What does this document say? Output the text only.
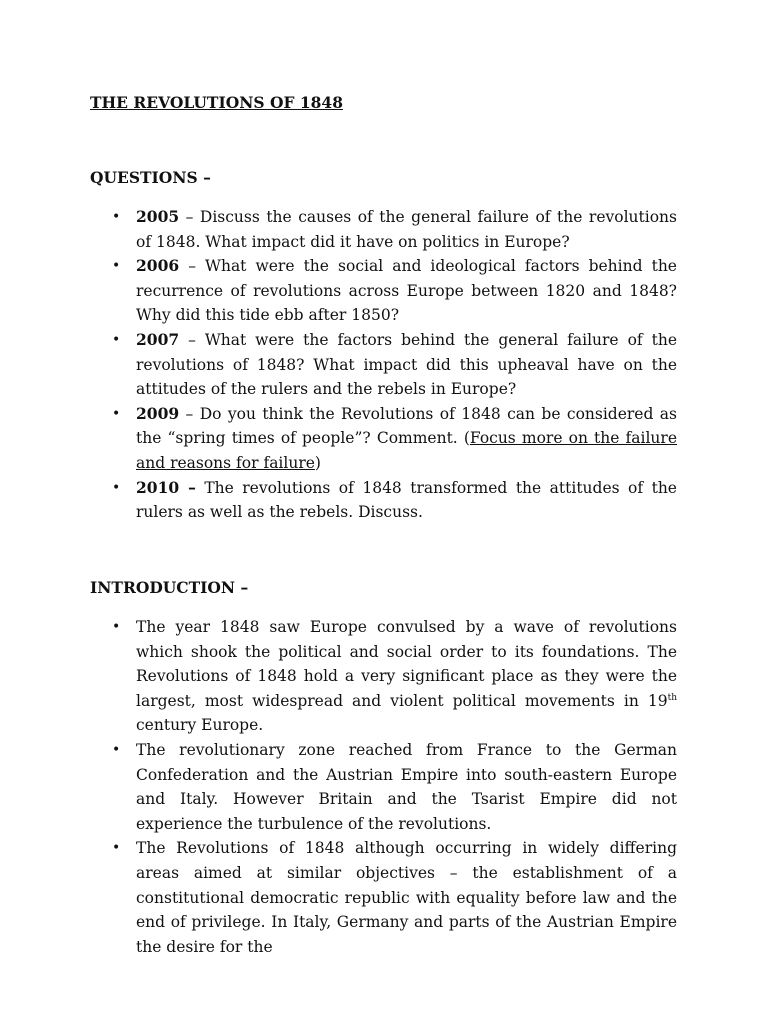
THE REVOLUTIONS OF 1848
QUESTIONS –
•	2005 – Discuss the causes of the general failure of the revolutions of 1848. What impact did it have on politics in Europe?
•	2006 – What were the social and ideological factors behind the recurrence of revolutions across Europe between 1820 and 1848? Why did this tide ebb after 1850?
•	2007 – What were the factors behind the general failure of the revolutions of 1848? What impact did this upheaval have on the attitudes of the rulers and the rebels in Europe?
•	2009 – Do you think the Revolutions of 1848 can be considered as the “spring times of people”? Comment. (Focus more on the failure and reasons for failure)
•	2010 – The revolutions of 1848 transformed the attitudes of the rulers as well as the rebels. Discuss.
INTRODUCTION –
•	The year 1848 saw Europe convulsed by a wave of revolutions which shook the political and social order to its foundations. The Revolutions of 1848 hold a very significant place as they were the largest, most widespread and violent political movements in 19th century Europe.
•	The revolutionary zone reached from France to the German Confederation and the Austrian Empire into south-eastern Europe and Italy. However Britain and the Tsarist Empire did not experience the turbulence of the revolutions.
•	The Revolutions of 1848 although occurring in widely differing areas aimed at similar objectives – the establishment of a constitutional democratic republic with equality before law and the end of privilege. In Italy, Germany and parts of the Austrian Empire the desire for the
